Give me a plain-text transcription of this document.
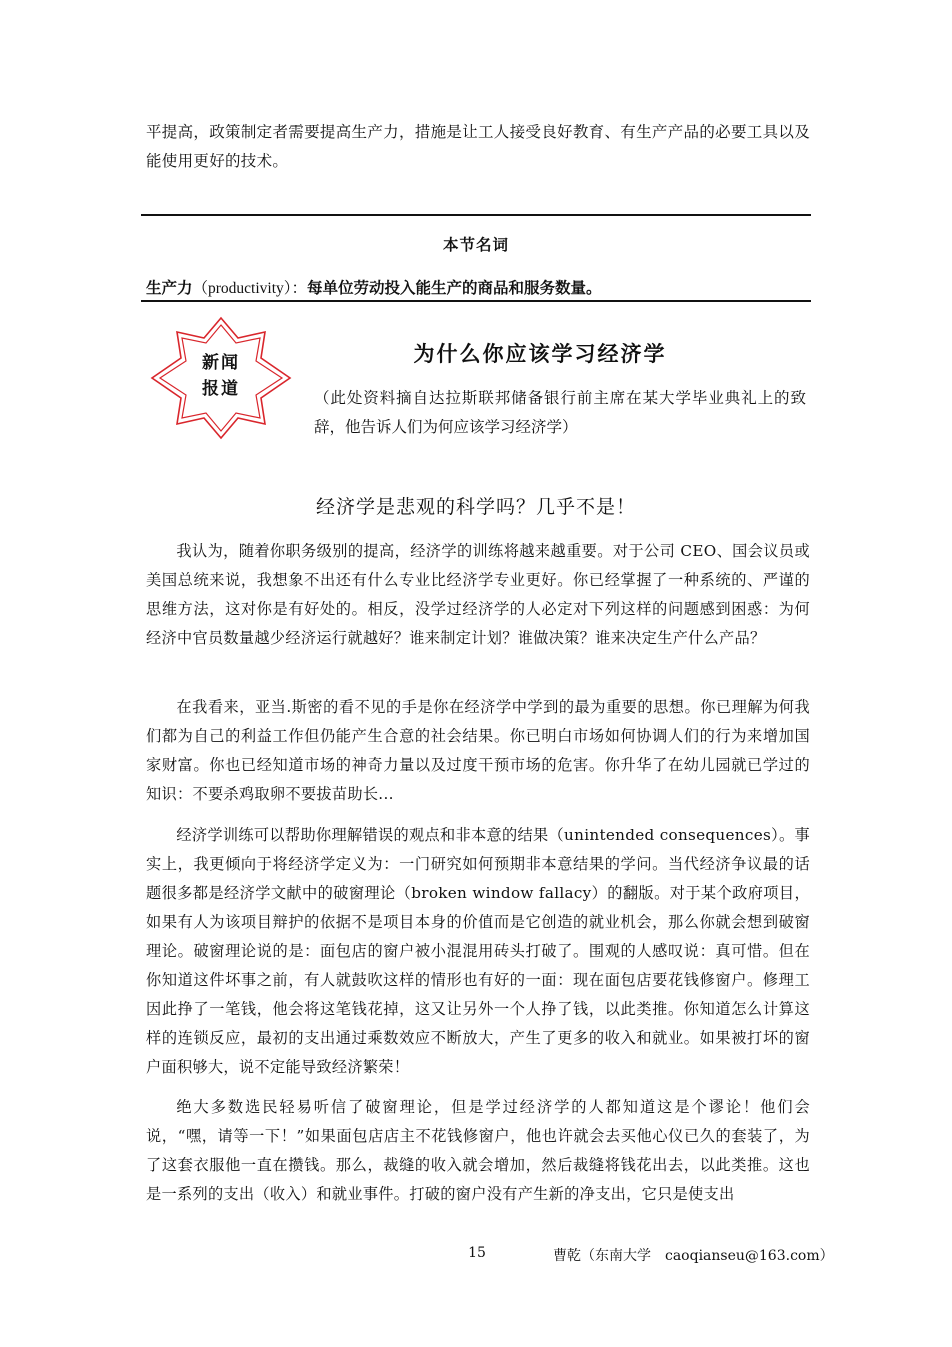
平提高，政策制定者需要提高生产力，措施是让工人接受良好教育、有生产产品的必要工具以及能使用更好的技术。

本节名词
生产力（productivity）：每单位劳动投入能生产的商品和服务数量。
新闻
报道
为什么你应该学习经济学

（此处资料摘自达拉斯联邦储备银行前主席在某大学毕业典礼上的致辞，他告诉人们为何应该学习经济学）

经济学是悲观的科学吗？几乎不是！

我认为，随着你职务级别的提高，经济学的训练将越来越重要。对于公司 CEO、国会议员或美国总统来说，我想象不出还有什么专业比经济学专业更好。你已经掌握了一种系统的、严谨的思维方法，这对你是有好处的。相反，没学过经济学的人必定对下列这样的问题感到困惑：为何经济中官员数量越少经济运行就越好？谁来制定计划？谁做决策？谁来决定生产什么产品？

在我看来，亚当.斯密的看不见的手是你在经济学中学到的最为重要的思想。你已理解为何我们都为自己的利益工作但仍能产生合意的社会结果。你已明白市场如何协调人们的行为来增加国家财富。你也已经知道市场的神奇力量以及过度干预市场的危害。你升华了在幼儿园就已学过的知识：不要杀鸡取卵不要拔苗助长...

经济学训练可以帮助你理解错误的观点和非本意的结果（unintended consequences）。事实上，我更倾向于将经济学定义为：一门研究如何预期非本意结果的学问。当代经济争议最的话题很多都是经济学文献中的破窗理论（broken window fallacy）的翻版。对于某个政府项目，如果有人为该项目辩护的依据不是项目本身的价值而是它创造的就业机会，那么你就会想到破窗理论。破窗理论说的是：面包店的窗户被小混混用砖头打破了。围观的人感叹说：真可惜。但在你知道这件坏事之前，有人就鼓吹这样的情形也有好的一面：现在面包店要花钱修窗户。修理工因此挣了一笔钱，他会将这笔钱花掉，这又让另外一个人挣了钱，以此类推。你知道怎么计算这样的连锁反应，最初的支出通过乘数效应不断放大，产生了更多的收入和就业。如果被打坏的窗户面积够大，说不定能导致经济繁荣！

绝大多数选民轻易听信了破窗理论，但是学过经济学的人都知道这是个谬论！他们会说，“嘿，请等一下！”如果面包店店主不花钱修窗户，他也许就会去买他心仪已久的套装了，为了这套衣服他一直在攒钱。那么，裁缝的收入就会增加，然后裁缝将钱花出去，以此类推。这也是一系列的支出（收入）和就业事件。打破的窗户没有产生新的净支出，它只是使支出

15	曹乾（东南大学　caoqianseu@163.com）
